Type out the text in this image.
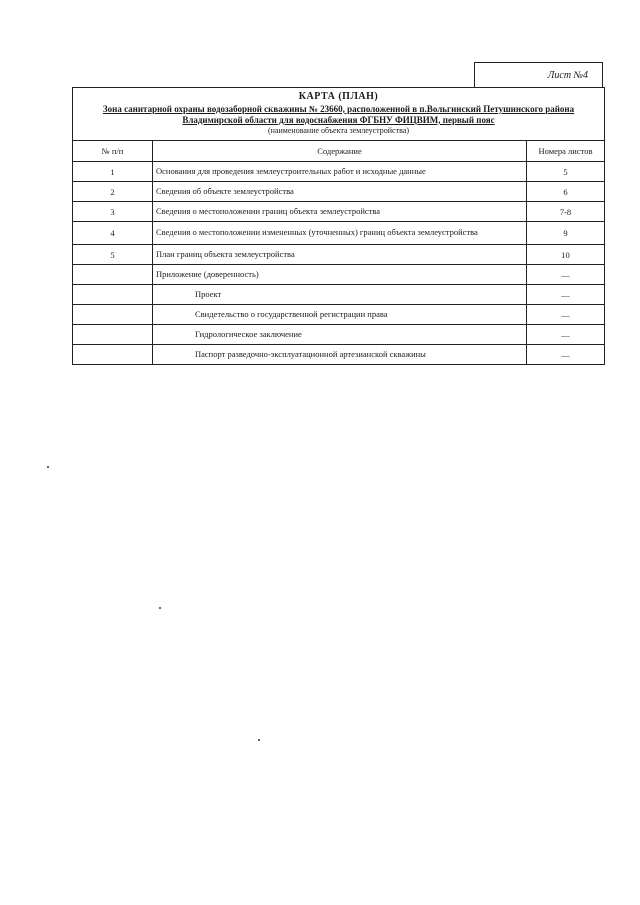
Лист №4
КАРТА (ПЛАН)
Зона санитарной охраны водозаборной скважины № 23660, расположенной в п.Вольгинский Петушинского района Владимирской области для водоснабжения ФГБНУ ФИЦВИМ, первый пояс
(наименование объекта землеустройства)		

№ п/п	Содержание	Номера листов
1	Основания для проведения землеустроительных работ и исходные данные	5
2	Сведения об объекте землеустройства	6
3	Сведения о местоположении границ объекта землеустройства	7-8
4	Сведения о местоположении измененных (уточненных) границ объекта землеустройства	9
5	План границ объекта землеустройства	10
	Приложение (доверенность)	—
	Проект	—
	Свидетельство о государственной регистрации права	—
	Гидрологическое заключение	—
	Паспорт разведочно-эксплуатационной артезианской скважины	—
